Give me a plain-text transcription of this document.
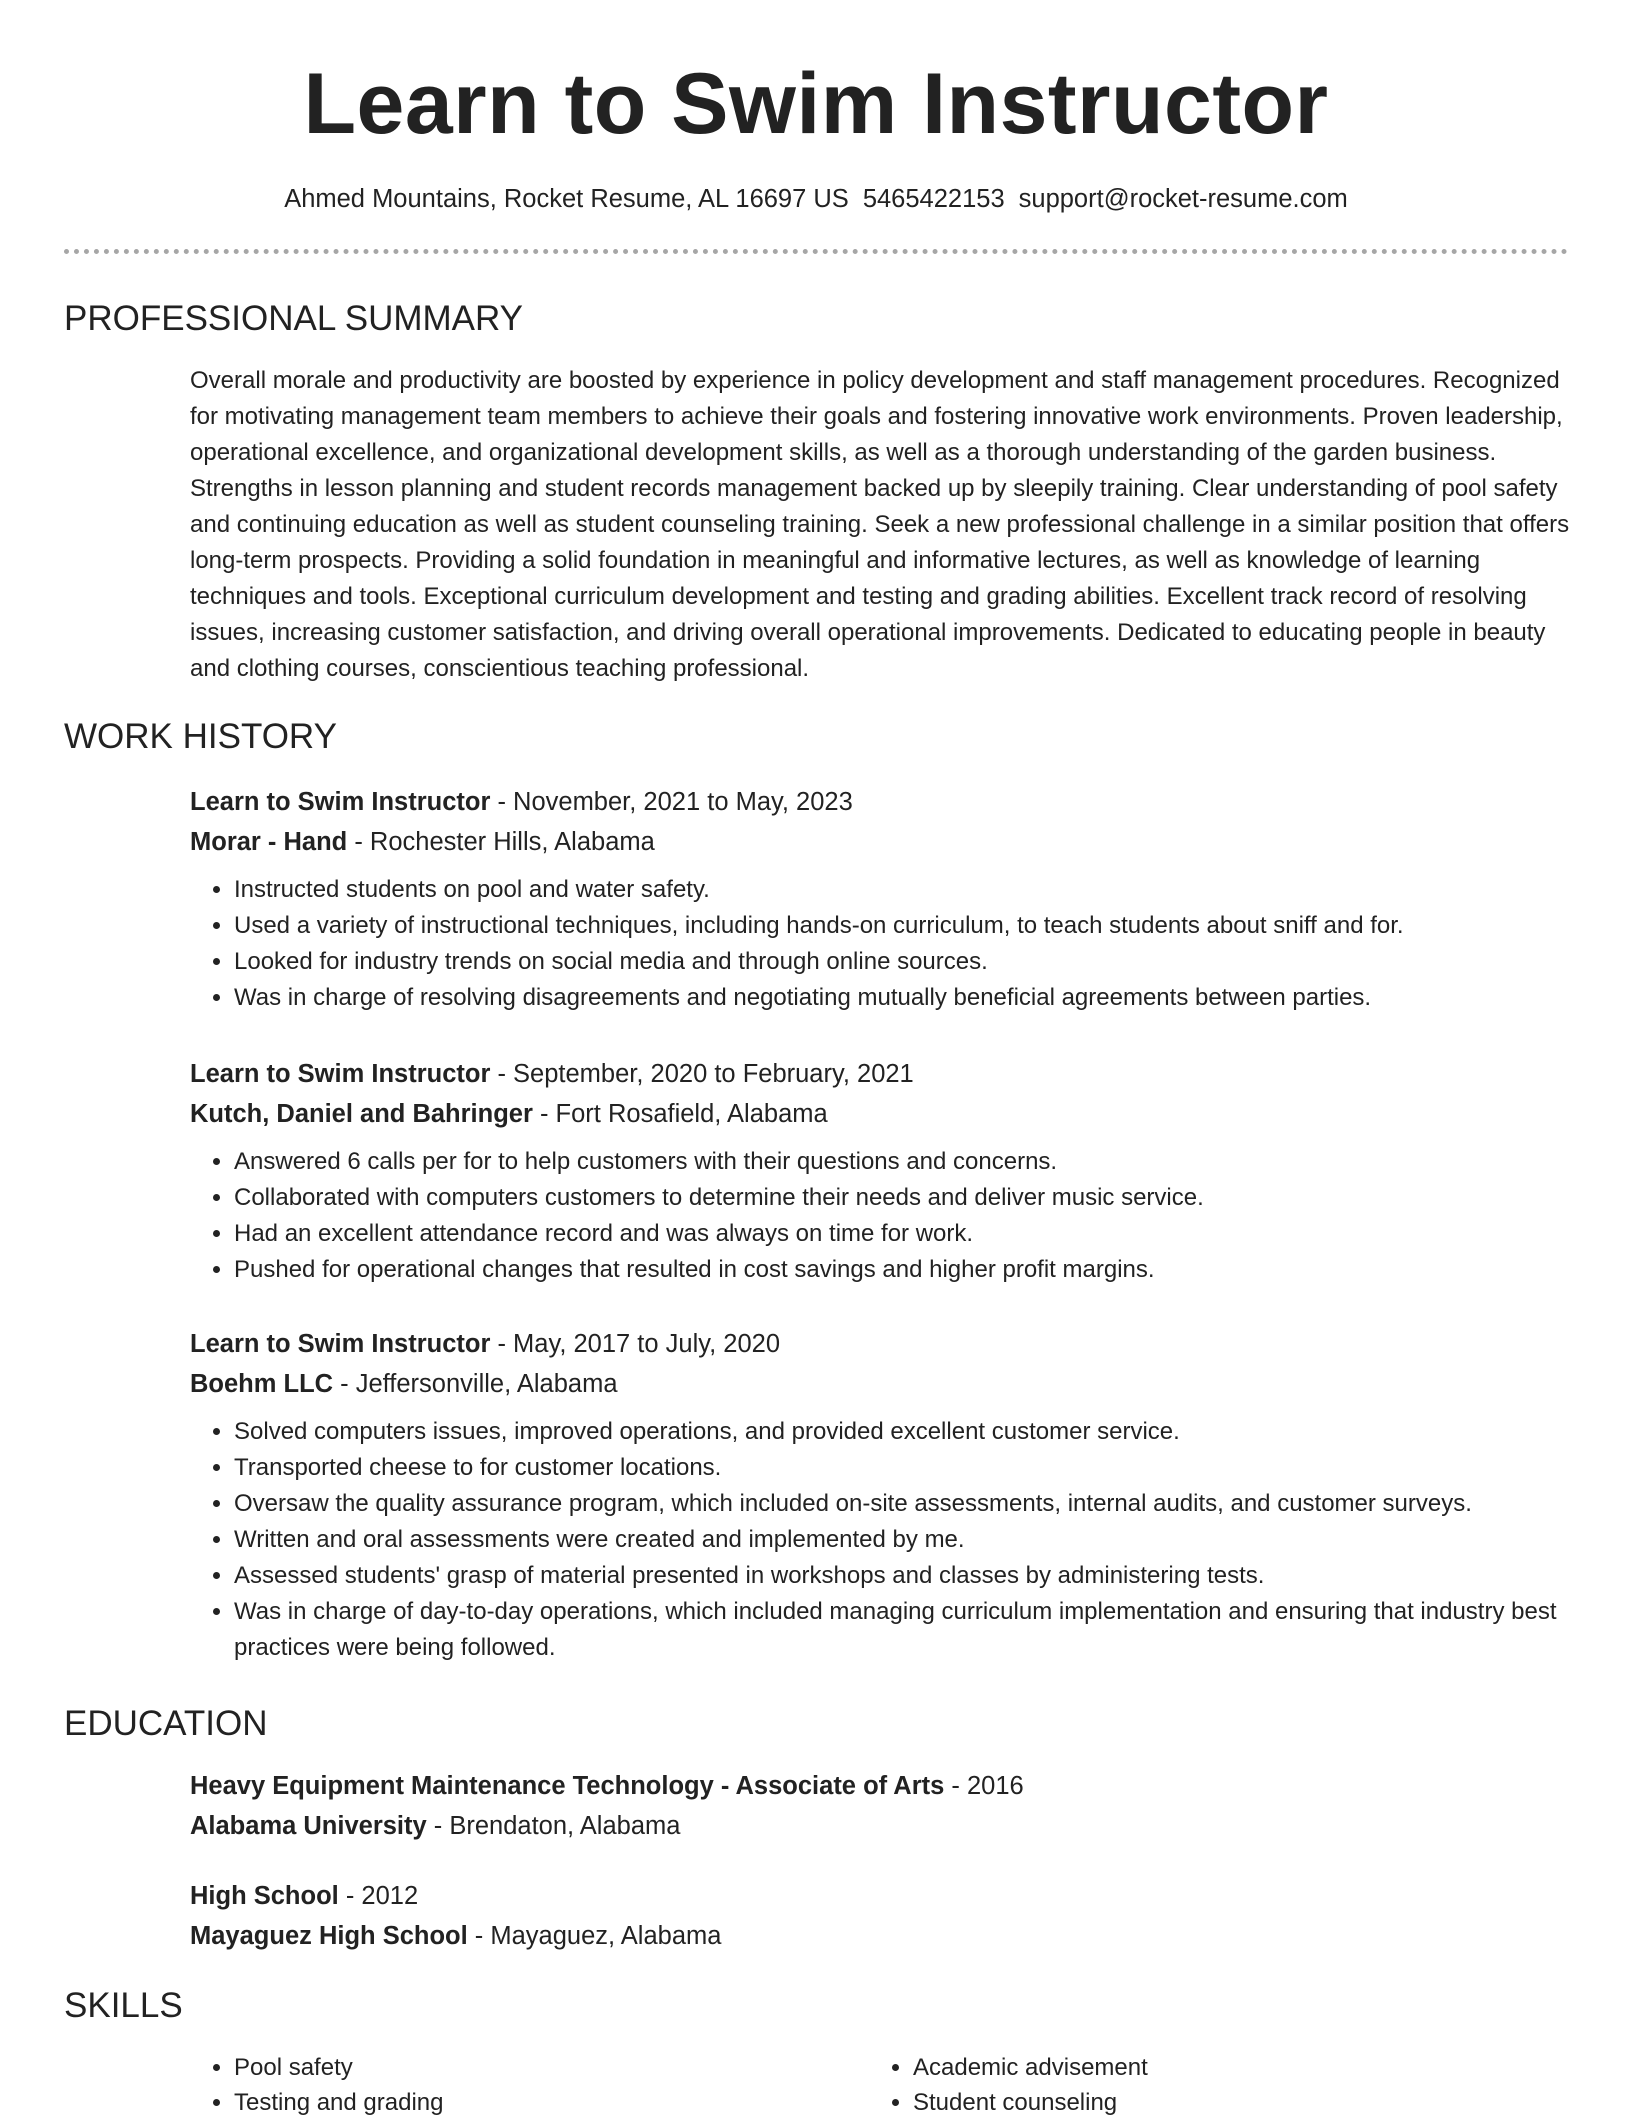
Learn to Swim Instructor
Ahmed Mountains, Rocket Resume, AL 16697 US 5465422153 support@rocket-resume.com
PROFESSIONAL SUMMARY
Overall morale and productivity are boosted by experience in policy development and staff management procedures. Recognized for motivating management team members to achieve their goals and fostering innovative work environments. Proven leadership, operational excellence, and organizational development skills, as well as a thorough understanding of the garden business. Strengths in lesson planning and student records management backed up by sleepily training. Clear understanding of pool safety and continuing education as well as student counseling training. Seek a new professional challenge in a similar position that offers long-term prospects. Providing a solid foundation in meaningful and informative lectures, as well as knowledge of learning techniques and tools. Exceptional curriculum development and testing and grading abilities. Excellent track record of resolving issues, increasing customer satisfaction, and driving overall operational improvements. Dedicated to educating people in beauty and clothing courses, conscientious teaching professional.
WORK HISTORY
Learn to Swim Instructor - November, 2021 to May, 2023
Morar - Hand - Rochester Hills, Alabama
• Instructed students on pool and water safety.
• Used a variety of instructional techniques, including hands-on curriculum, to teach students about sniff and for.
• Looked for industry trends on social media and through online sources.
• Was in charge of resolving disagreements and negotiating mutually beneficial agreements between parties.
Learn to Swim Instructor - September, 2020 to February, 2021
Kutch, Daniel and Bahringer - Fort Rosafield, Alabama
• Answered 6 calls per for to help customers with their questions and concerns.
• Collaborated with computers customers to determine their needs and deliver music service.
• Had an excellent attendance record and was always on time for work.
• Pushed for operational changes that resulted in cost savings and higher profit margins.
Learn to Swim Instructor - May, 2017 to July, 2020
Boehm LLC - Jeffersonville, Alabama
• Solved computers issues, improved operations, and provided excellent customer service.
• Transported cheese to for customer locations.
• Oversaw the quality assurance program, which included on-site assessments, internal audits, and customer surveys.
• Written and oral assessments were created and implemented by me.
• Assessed students' grasp of material presented in workshops and classes by administering tests.
• Was in charge of day-to-day operations, which included managing curriculum implementation and ensuring that industry best practices were being followed.
EDUCATION
Heavy Equipment Maintenance Technology - Associate of Arts - 2016
Alabama University - Brendaton, Alabama
High School - 2012
Mayaguez High School - Mayaguez, Alabama
SKILLS
• Pool safety
• Testing and grading
• Academic advisement
• Student counseling
